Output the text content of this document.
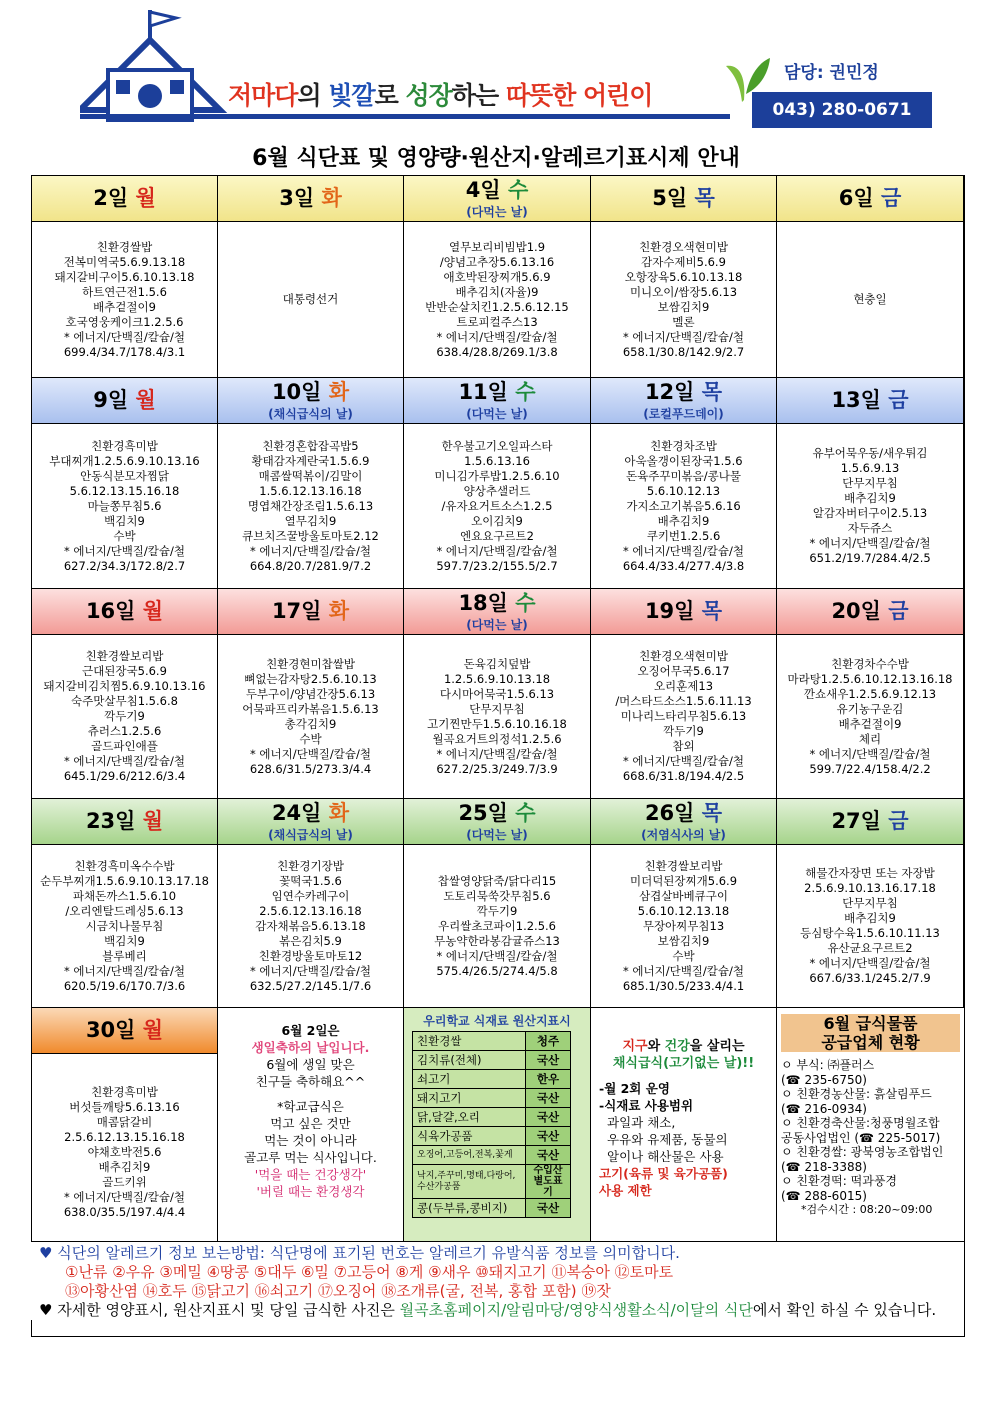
저마다의 빛깔로 성장하는 따뜻한 어린이
담당: 권민정
043) 280-0671
6월 식단표 및 영양량·원산지·알레르기표시제 안내
2일 월
친환경쌀밥
전복미역국5.6.9.13.18
돼지갈비구이5.6.10.13.18
하트연근전1.5.6
배추겉절이9
호국영웅케이크1.2.5.6
* 에너지/단백질/칼슘/철
699.4/34.7/178.4/3.1
3일 화
대통령선거
4일 수
(다먹는 날)
열무보리비빔밥1.9
/양념고추장5.6.13.16
애호박된장찌개5.6.9
배추김치(자율)9
반반순살치킨1.2.5.6.12.15
트로피컬주스13
* 에너지/단백질/칼슘/철
638.4/28.8/269.1/3.8
5일 목
친환경오색현미밥
감자수제비5.6.9
오항장육5.6.10.13.18
미니오이/쌈장5.6.13
보쌈김치9
멜론
* 에너지/단백질/칼슘/철
658.1/30.8/142.9/2.7
6일 금
현충일
9일 월
친환경흑미밥
부대찌개1.2.5.6.9.10.13.16
안동식분모자찜닭
5.6.12.13.15.16.18
마늘쫑무침5.6
백김치9
수박
* 에너지/단백질/칼슘/철
627.2/34.3/172.8/2.7
10일 화
(채식급식의 날)
친환경혼합잡곡밥5
황태감자계란국1.5.6.9
매콤쌀떡볶이/김말이
1.5.6.12.13.16.18
명엽채간장조림1.5.6.13
열무김치9
큐브치즈꿀방울토마토2.12
* 에너지/단백질/칼슘/철
664.8/20.7/281.9/7.2
11일 수
(다먹는 날)
한우불고기오일파스타
1.5.6.13.16
미니김가루밥1.2.5.6.10
양상추샐러드
/유자요거트소스1.2.5
오이김치9
엔요요구르트2
* 에너지/단백질/칼슘/철
597.7/23.2/155.5/2.7
12일 목
(로컬푸드데이)
친환경차조밥
아욱올갱이된장국1.5.6
돈육주꾸미볶음/콩나물
5.6.10.12.13
가지소고기볶음5.6.16
배추김치9
쿠키번1.2.5.6
* 에너지/단백질/칼슘/철
664.4/33.4/277.4/3.8
13일 금
유부어묵우동/새우튀김
1.5.6.9.13
단무지무침
배추김치9
알감자버터구이2.5.13
자두쥬스
* 에너지/단백질/칼슘/철
651.2/19.7/284.4/2.5
16일 월
친환경쌀보리밥
근대된장국5.6.9
돼지갈비김치찜5.6.9.10.13.16
숙주맛살무침1.5.6.8
깍두기9
츄러스1.2.5.6
골드파인애플
* 에너지/단백질/칼슘/철
645.1/29.6/212.6/3.4
17일 화
친환경현미찹쌀밥
뼈없는감자탕2.5.6.10.13
두부구이/양념간장5.6.13
어묵파프리카볶음1.5.6.13
총각김치9
수박
* 에너지/단백질/칼슘/철
628.6/31.5/273.3/4.4
18일 수
(다먹는 날)
돈육김치덮밥
1.2.5.6.9.10.13.18
다시마어묵국1.5.6.13
단무지무침
고기찐만두1.5.6.10.16.18
월곡요거트의정석1.2.5.6
* 에너지/단백질/칼슘/철
627.2/25.3/249.7/3.9
19일 목
친환경오색현미밥
오징어무국5.6.17
오리훈제13
/머스타드소스1.5.6.11.13
미나리느타리무침5.6.13
깍두기9
참외
* 에너지/단백질/칼슘/철
668.6/31.8/194.4/2.5
20일 금
친환경차수수밥
마라탕1.2.5.6.10.12.13.16.18
깐쇼새우1.2.5.6.9.12.13
유기농구운김
배추겉절이9
체리
* 에너지/단백질/칼슘/철
599.7/22.4/158.4/2.2
23일 월
친환경흑미옥수수밥
순두부찌개1.5.6.9.10.13.17.18
파채돈까스1.5.6.10
/오리엔탈드레싱5.6.13
시금치나물무침
백김치9
블루베리
* 에너지/단백질/칼슘/철
620.5/19.6/170.7/3.6
24일 화
(채식급식의 날)
친환경기장밥
꽃떡국1.5.6
임연수카레구이
2.5.6.12.13.16.18
감자채볶음5.6.13.18
볶은김치5.9
친환경방울토마토12
* 에너지/단백질/칼슘/철
632.5/27.2/145.1/7.6
25일 수
(다먹는 날)
찹쌀영양닭죽/닭다리15
도토리묵쑥갓무침5.6
깍두기9
우리쌀초코파이1.2.5.6
무농약한라봉감귤쥬스13
* 에너지/단백질/칼슘/철
575.4/26.5/274.4/5.8
26일 목
(저염식사의 날)
친환경쌀보리밥
미더덕된장찌개5.6.9
삼겹살바베큐구이
5.6.10.12.13.18
무장아찌무침13
보쌈김치9
수박
* 에너지/단백질/칼슘/철
685.1/30.5/233.4/4.1
27일 금
해물간자장면 또는 자장밥
2.5.6.9.10.13.16.17.18
단무지무침
배추김치9
등심탕수육1.5.6.10.11.13
유산균요구르트2
* 에너지/단백질/칼슘/철
667.6/33.1/245.2/7.9
30일 월
친환경흑미밥
버섯들깨탕5.6.13.16
매콤닭갈비
2.5.6.12.13.15.16.18
야채호박전5.6
배추김치9
골드키위
* 에너지/단백질/칼슘/철
638.0/35.5/197.4/4.4
6월 2일은
생일축하의 날입니다.
6월에 생일 맞은
친구들 축하해요^^

*학교급식은
먹고 싶은 것만
먹는 것이 아니라
골고루 먹는 식사입니다.
'먹을 때는 건강생각'
'버릴 때는 환경생각
우리학교 식재료 원산지표시
친환경쌀	청주
김치류(전체)	국산
쇠고기	한우
돼지고기	국산
닭,달걀,오리	국산
식육가공품	국산
오징어,고등어,전복,꽃게	국산
낙지,주꾸미,명태,다랑어,수산가공품	수입산 별도표기
콩(두부류,콩비지)	국산
지구와 건강을 살리는
채식급식(고기없는 날)!!

-월 2회 운영
-식재료 사용범위
과일과 채소,
우유와 유제품, 동물의
알이나 해산물은 사용
고기(육류 및 육가공품)
사용 제한
6월 급식물품
공급업체 현황
ㅇ 부식: ㈜플러스
(☎ 235-6750)
ㅇ 친환경농산물: 흙살림푸드
(☎ 216-0934)
ㅇ 친환경축산물:청풍명월조합
공동사업법인 (☎ 225-5017)
ㅇ 친환경쌀: 광북영농조합법인
(☎ 218-3388)
ㅇ 친환경떡: 떡과풍경
(☎ 288-6015)
*검수시간 : 08:20~09:00
♥ 식단의 알레르기 정보 보는방법: 식단명에 표기된 번호는 알레르기 유발식품 정보를 의미합니다.
①난류 ②우유 ③메밀 ④땅콩 ⑤대두 ⑥밀 ⑦고등어 ⑧게 ⑨새우 ⑩돼지고기 ⑪복숭아 ⑫토마토
⑬아황산염 ⑭호두 ⑮닭고기 ⑯쇠고기 ⑰오징어 ⑱조개류(굴, 전복, 홍합 포함) ⑲잣
♥ 자세한 영양표시, 원산지표시 및 당일 급식한 사진은 월곡초홈페이지/알림마당/영양식생활소식/이달의 식단에서 확인 하실 수 있습니다.
